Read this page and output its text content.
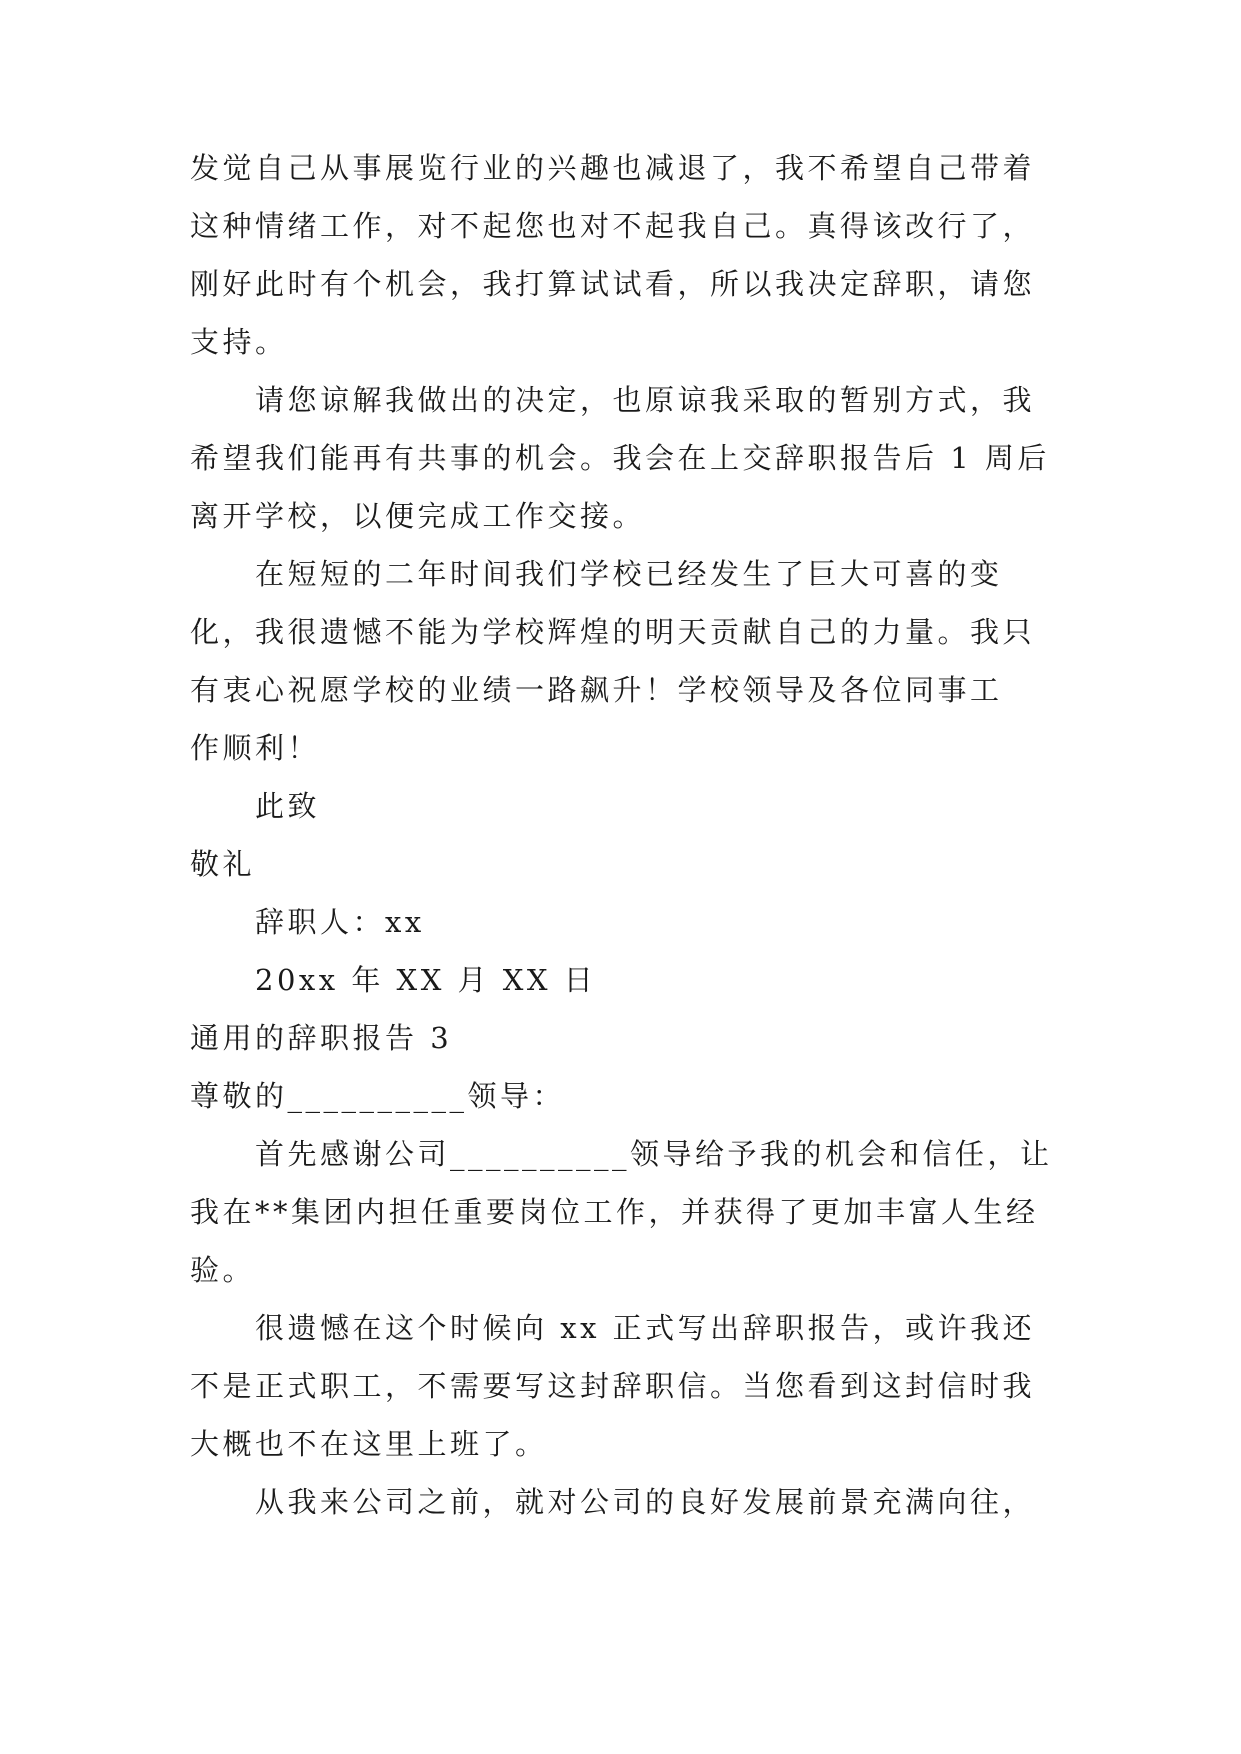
发觉自己从事展览行业的兴趣也减退了，我不希望自己带着
这种情绪工作，对不起您也对不起我自己。真得该改行了，
刚好此时有个机会，我打算试试看，所以我决定辞职，请您
支持。
请您谅解我做出的决定，也原谅我采取的暂别方式，我
希望我们能再有共事的机会。我会在上交辞职报告后 1 周后
离开学校，以便完成工作交接。
在短短的二年时间我们学校已经发生了巨大可喜的变
化，我很遗憾不能为学校辉煌的明天贡献自己的力量。我只
有衷心祝愿学校的业绩一路飙升！学校领导及各位同事工
作顺利！
此致
敬礼
辞职人：xx
20xx 年 XX 月 XX 日
通用的辞职报告 3
尊敬的__________领导：
首先感谢公司__________领导给予我的机会和信任，让
我在**集团内担任重要岗位工作，并获得了更加丰富人生经
验。
很遗憾在这个时候向 xx 正式写出辞职报告，或许我还
不是正式职工，不需要写这封辞职信。当您看到这封信时我
大概也不在这里上班了。
从我来公司之前，就对公司的良好发展前景充满向往，
